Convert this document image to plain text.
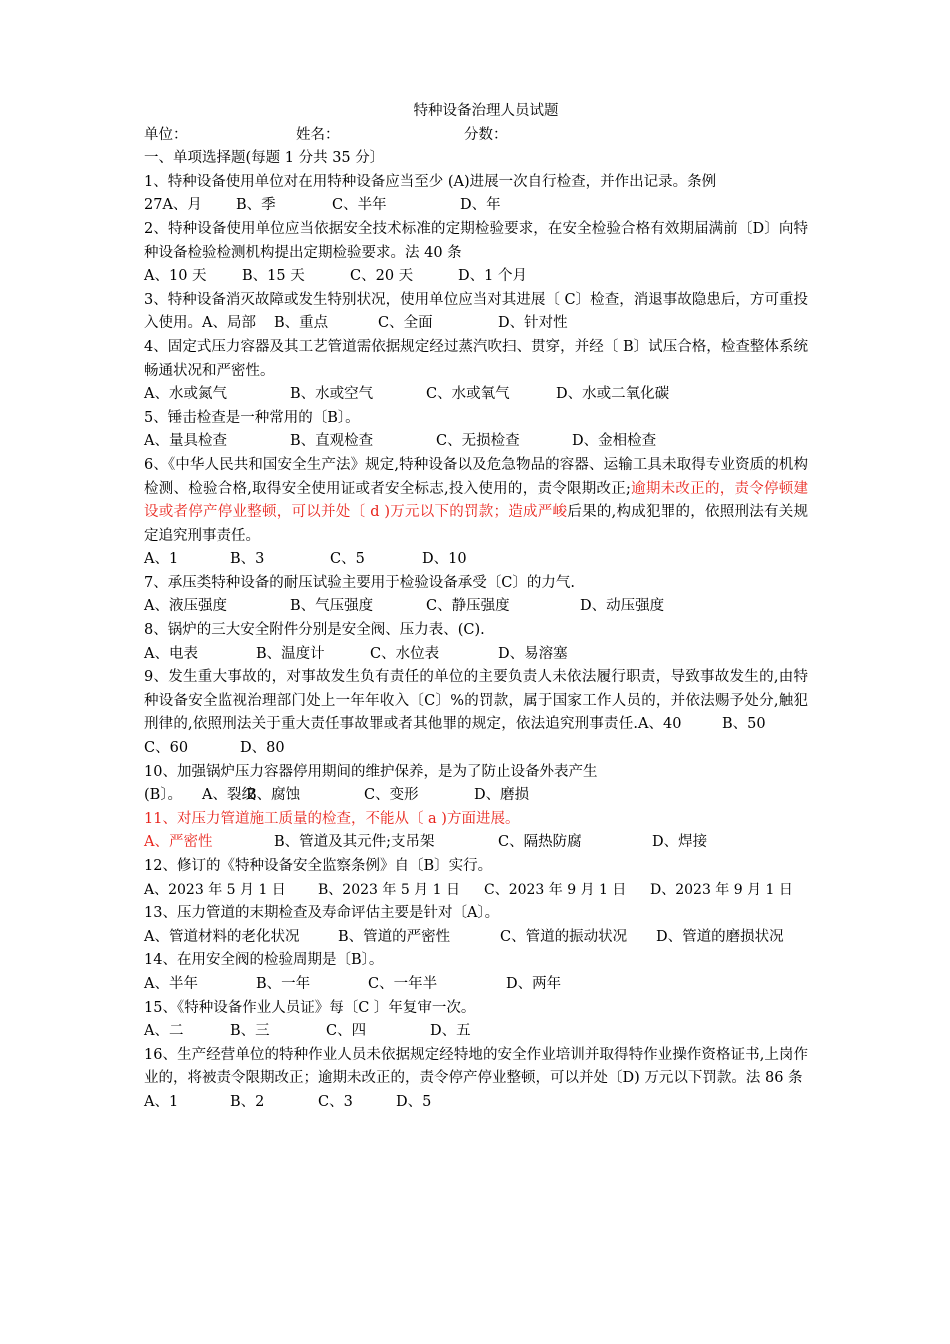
特种设备治理人员试题
单位：	姓名：	分数：
一、单项选择题(每题 1 分共 35 分〕
1、特种设备使用单位对在用特种设备应当至少 (A)进展一次自行检查，并作出记录。条例
27A、月	B、季	C、半年	D、年
2、特种设备使用单位应当依据安全技术标准的定期检验要求，在安全检验合格有效期届满前〔D〕向特种设备检验检测机构提出定期检验要求。法 40 条
A、10 天	B、15 天	C、20 天	D、1 个月
3、特种设备消灭故障或发生特别状况，使用单位应当对其进展〔 C〕检查，消退事故隐患后，方可重投入使用。A、局部 B、重点	C、全面	D、针对性
4、固定式压力容器及其工艺管道需依据规定经过蒸汽吹扫、贯穿，并经〔 B〕试压合格，检查整体系统畅通状况和严密性。
A、水或氮气	B、水或空气	C、水或氧气	D、水或二氧化碳
5、锤击检查是一种常用的〔B〕。
A、量具检查	B、直观检查	C、无损检查	D、金相检查
6、《中华人民共和国安全生产法》规定,特种设备以及危急物品的容器、运输工具未取得专业资质的机构检测、检验合格,取得安全使用证或者安全标志,投入使用的，责令限期改正;逾期未改正的，责令停顿建设或者停产停业整顿，可以并处〔 d )万元以下的罚款；造成严峻后果的,构成犯罪的，依照刑法有关规定追究刑事责任。
A、1	B、3	C、5	D、10
7、承压类特种设备的耐压试验主要用于检验设备承受〔C〕的力气.
A、液压强度	B、气压强度	C、静压强度	D、动压强度
8、锅炉的三大安全附件分别是安全阀、压力表、(C).
A、电表	B、温度计	C、水位表	D、易溶塞
9、发生重大事故的，对事故发生负有责任的单位的主要负责人未依法履行职责，导致事故发生的,由特种设备安全监视治理部门处上一年年收入〔C〕%的罚款，属于国家工作人员的，并依法赐予处分,触犯刑律的,依照刑法关于重大责任事故罪或者其他罪的规定，依法追究刑事责任.A、40	B、50C、60	D、80
10、加强锅炉压力容器停用期间的维护保养，是为了防止设备外表产生
(B〕。	A、裂纹
B、腐蚀	C、变形	D、磨损
11、对压力管道施工质量的检查，不能从〔 a )方面进展。
A、严密性	B、管道及其元件;支吊架	C、隔热防腐	D、焊接
12、修订的《特种设备安全监察条例》自〔B〕实行。
A、2023 年 5 月 1 日	B、2023 年 5 月 1 日	C、2023 年 9 月 1 日	D、2023 年 9 月 1 日
13、压力管道的末期检查及寿命评估主要是针对〔A〕。
A、管道材料的老化状况	B、管道的严密性	C、管道的振动状况	D、管道的磨损状况
14、在用安全阀的检验周期是〔B〕。
A、半年	B、一年	C、一年半	D、两年
15、《特种设备作业人员证》每〔C 〕年复审一次。
A、二	B、三	C、四	D、五
16、生产经营单位的特种作业人员未依据规定经特地的安全作业培训并取得特作业操作资格证书,上岗作业的，将被责令限期改正；逾期未改正的，责令停产停业整顿，可以并处〔D) 万元以下罚款。法 86 条
A、1	B、2	C、3	D、5
